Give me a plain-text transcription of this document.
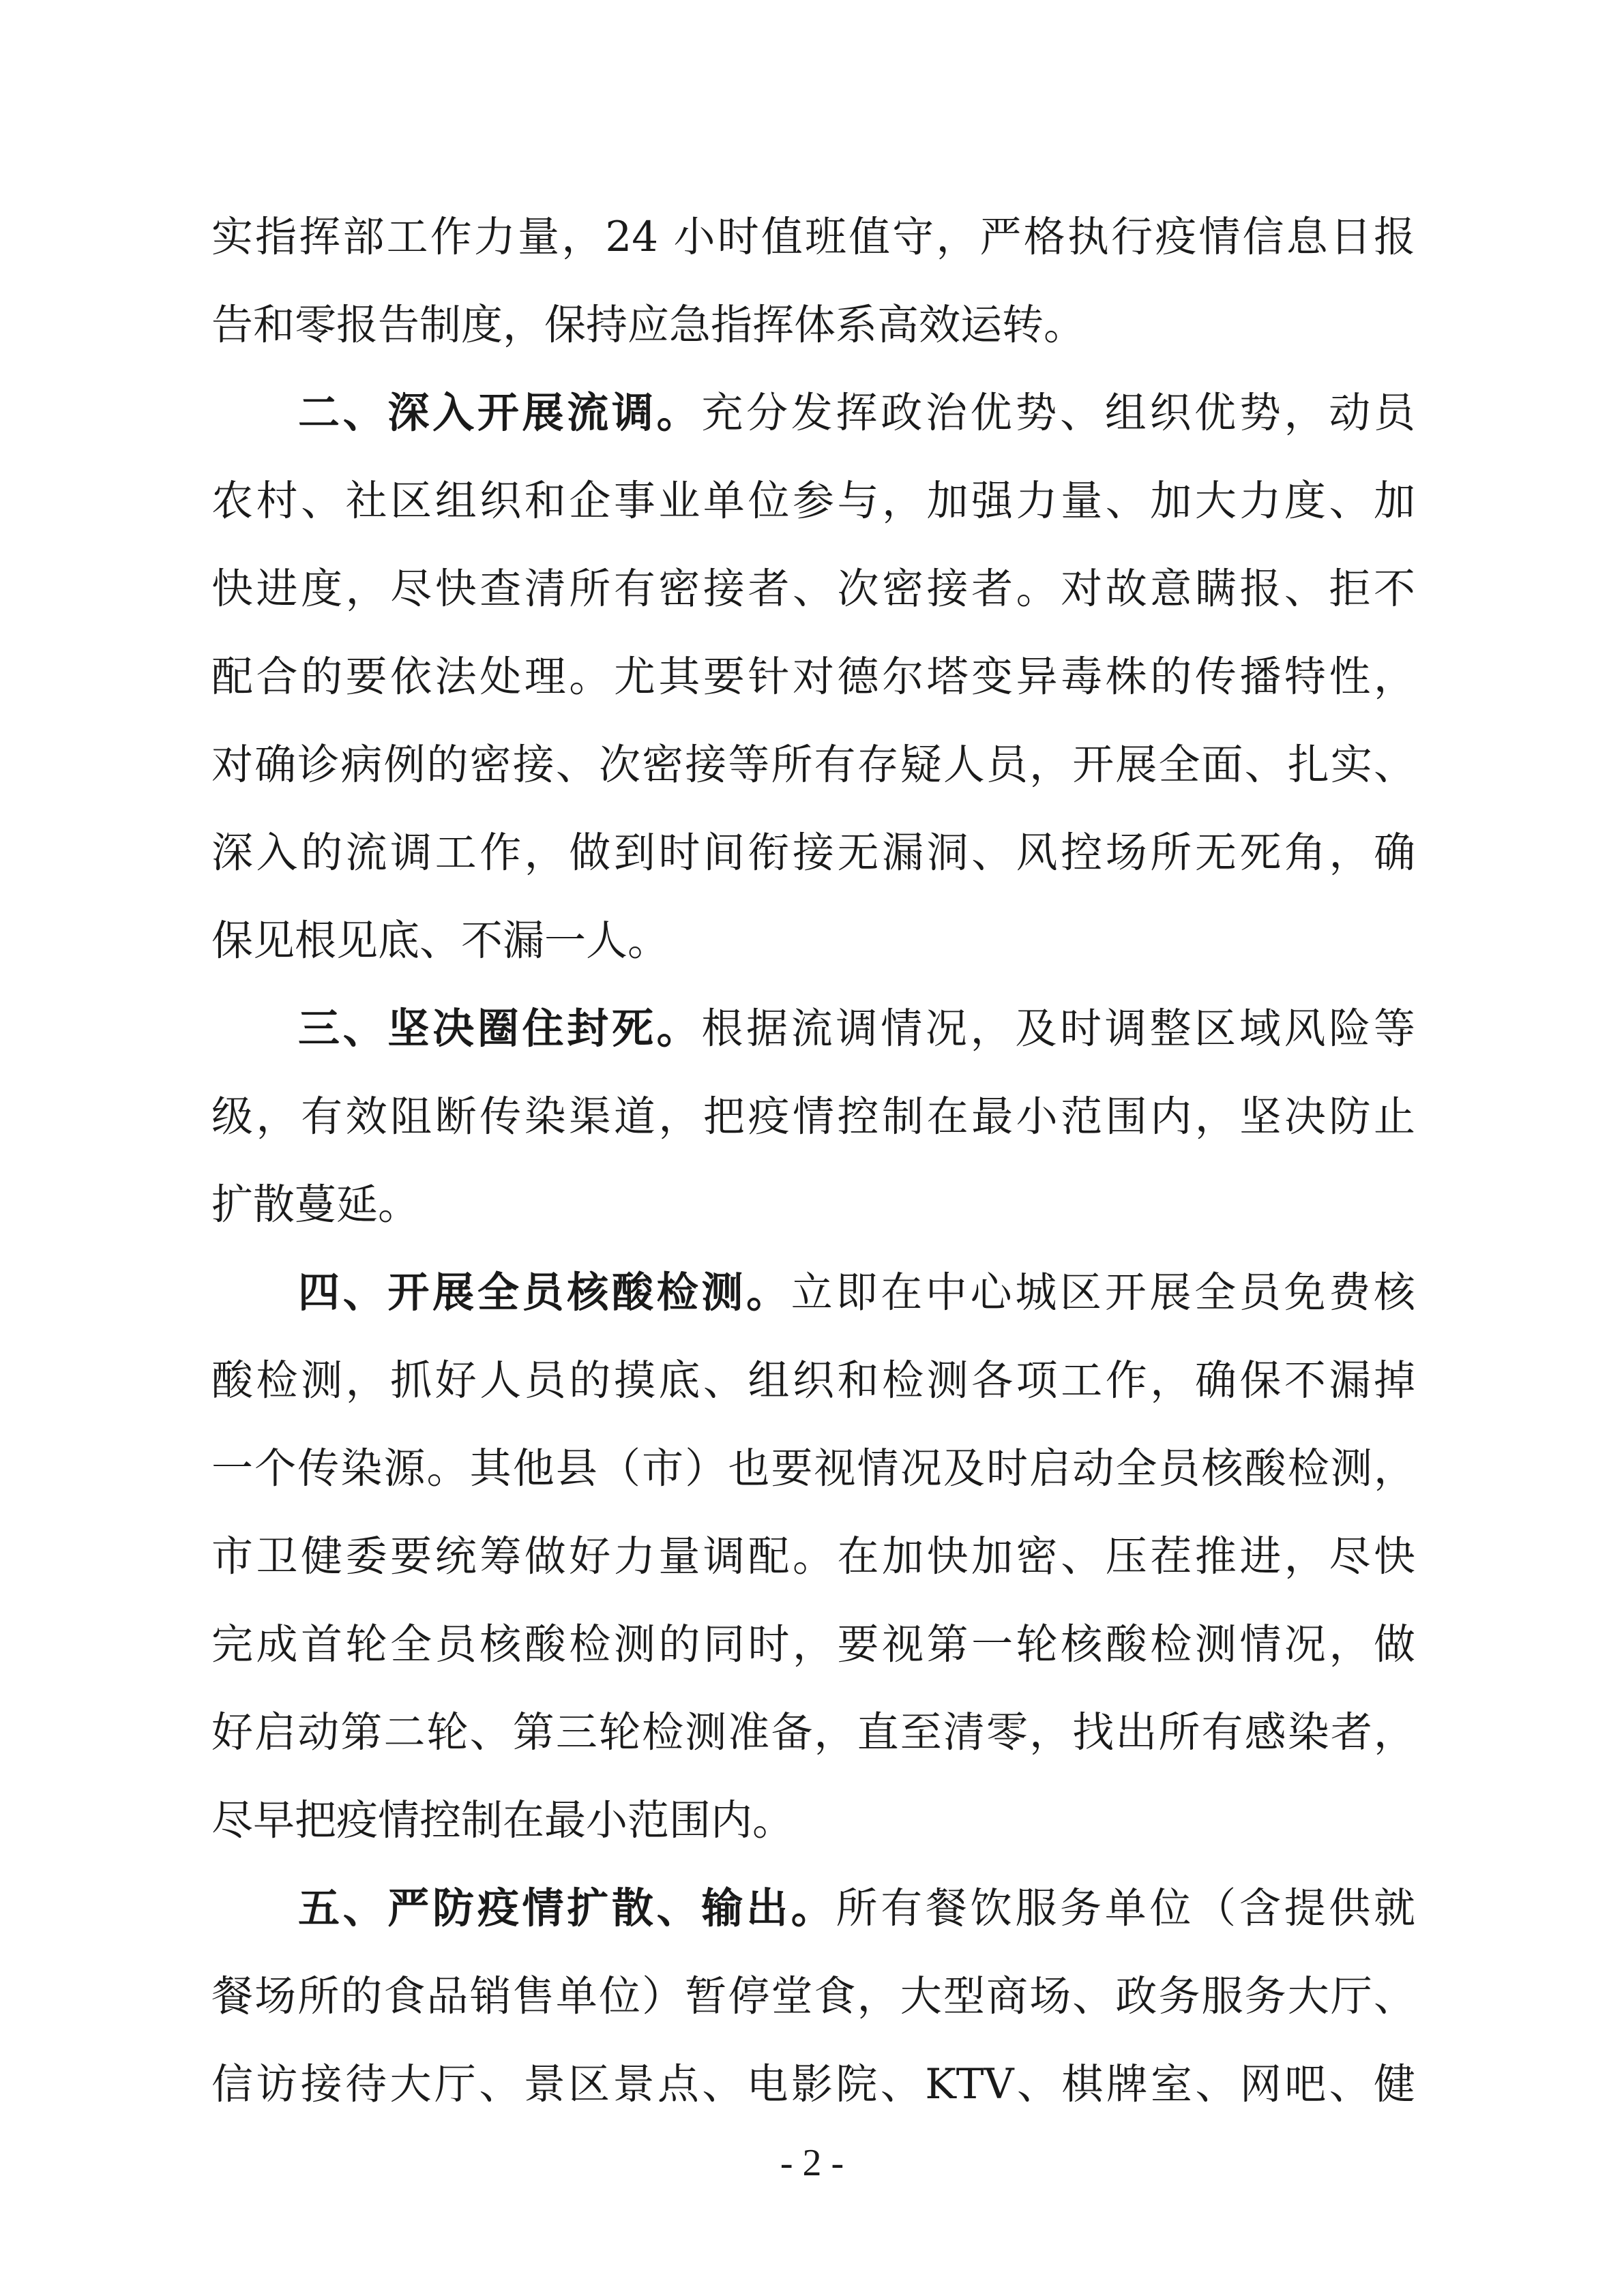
实指挥部工作力量，24 小时值班值守，严格执行疫情信息日报
告和零报告制度，保持应急指挥体系高效运转。
二、深入开展流调。充分发挥政治优势、组织优势，动员
农村、社区组织和企事业单位参与，加强力量、加大力度、加
快进度，尽快查清所有密接者、次密接者。对故意瞒报、拒不
配合的要依法处理。尤其要针对德尔塔变异毒株的传播特性，
对确诊病例的密接、次密接等所有存疑人员，开展全面、扎实、
深入的流调工作，做到时间衔接无漏洞、风控场所无死角，确
保见根见底、不漏一人。
三、坚决圈住封死。根据流调情况，及时调整区域风险等
级，有效阻断传染渠道，把疫情控制在最小范围内，坚决防止
扩散蔓延。
四、开展全员核酸检测。立即在中心城区开展全员免费核
酸检测，抓好人员的摸底、组织和检测各项工作，确保不漏掉
一个传染源。其他县（市）也要视情况及时启动全员核酸检测，
市卫健委要统筹做好力量调配。在加快加密、压茬推进，尽快
完成首轮全员核酸检测的同时，要视第一轮核酸检测情况，做
好启动第二轮、第三轮检测准备，直至清零，找出所有感染者，
尽早把疫情控制在最小范围内。
五、严防疫情扩散、输出。所有餐饮服务单位（含提供就
餐场所的食品销售单位）暂停堂食，大型商场、政务服务大厅、
信访接待大厅、景区景点、电影院、KTV、棋牌室、网吧、健
- 2 -
